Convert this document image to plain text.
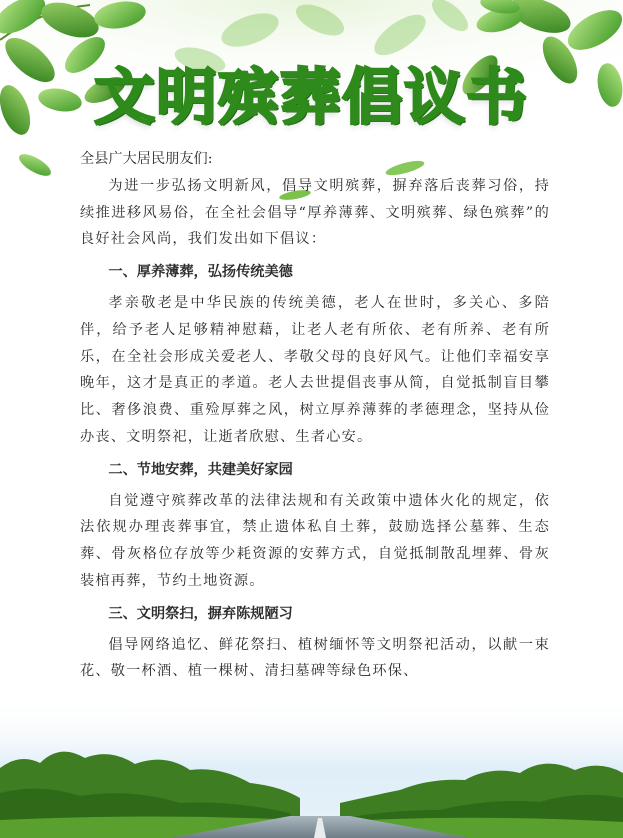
文明殡葬倡议书
全县广大居民朋友们:

为进一步弘扬文明新风，倡导文明殡葬，摒弃落后丧葬习俗，持续推进移风易俗，在全社会倡导“厚养薄葬、文明殡葬、绿色殡葬”的良好社会风尚，我们发出如下倡议：

一、厚养薄葬，弘扬传统美德

孝亲敬老是中华民族的传统美德，老人在世时，多关心、多陪伴，给予老人足够精神慰藉，让老人老有所依、老有所养、老有所乐，在全社会形成关爱老人、孝敬父母的良好风气。让他们幸福安享晚年，这才是真正的孝道。老人去世提倡丧事从简，自觉抵制盲目攀比、奢侈浪费、重殓厚葬之风，树立厚养薄葬的孝德理念，坚持从俭办丧、文明祭祀，让逝者欣慰、生者心安。

二、节地安葬，共建美好家园

自觉遵守殡葬改革的法律法规和有关政策中遗体火化的规定，依法依规办理丧葬事宜，禁止遗体私自土葬，鼓励选择公墓葬、生态葬、骨灰格位存放等少耗资源的安葬方式，自觉抵制散乱埋葬、骨灰装棺再葬，节约土地资源。

三、文明祭扫，摒弃陈规陋习

倡导网络追忆、鲜花祭扫、植树缅怀等文明祭祀活动，以献一束花、敬一杯酒、植一棵树、清扫墓碑等绿色环保、
